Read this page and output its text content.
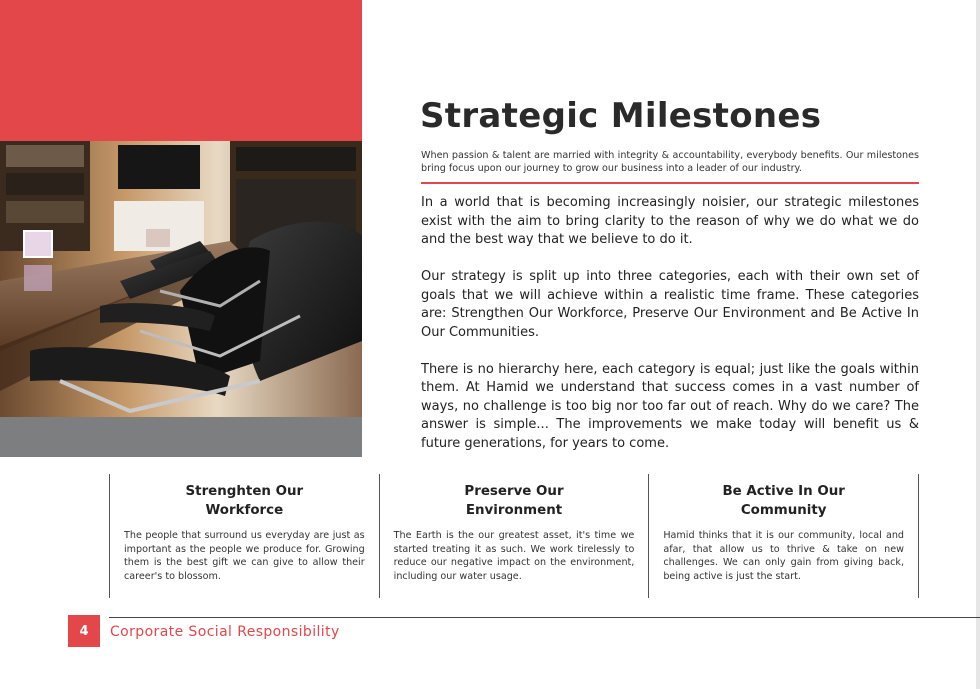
Strategic Milestones

When passion & talent are married with integrity & accountability, everybody benefits. Our milestones bring focus upon our journey to grow our business into a leader of our industry.

In a world that is becoming increasingly noisier, our strategic milestones exist with the aim to bring clarity to the reason of why we do what we do and the best way that we believe to do it.

Our strategy is split up into three categories, each with their own set of goals that we will achieve within a realistic time frame. These categories are: Strengthen Our Workforce, Preserve Our Environment and Be Active In Our Communities.

There is no hierarchy here, each category is equal; just like the goals within them. At Hamid we understand that success comes in a vast number of ways, no challenge is too big nor too far out of reach. Why do we care? The answer is simple... The improvements we make today will benefit us & future generations, for years to come.

Strenghten Our
Workforce

The people that surround us everyday are just as important as the people we produce for. Growing them is the best gift we can give to allow their career's to blossom.

Preserve Our
Environment

The Earth is the our greatest asset, it's time we started treating it as such. We work tirelessly to reduce our negative impact on the environment, including our water usage.

Be Active In Our
Community

Hamid thinks that it is our community, local and afar, that allow us to thrive & take on new challenges. We can only gain from giving back, being active is just the start.

4	Corporate Social Responsibility
